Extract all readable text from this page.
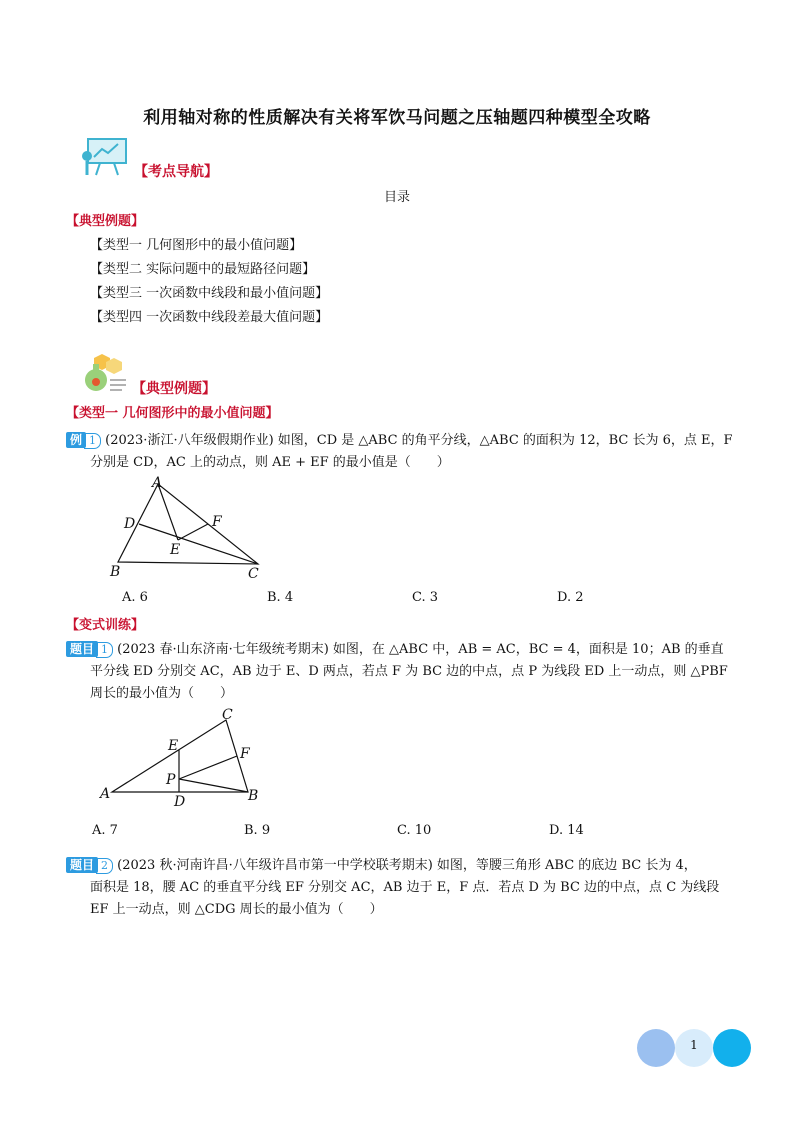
利用轴对称的性质解决有关将军饮马问题之压轴题四种模型全攻略
【考点导航】
目录
【典型例题】
【类型一 几何图形中的最小值问题】
【类型二 实际问题中的最短路径问题】
【类型三 一次函数中线段和最小值问题】
【类型四 一次函数中线段差最大值问题】
【典型例题】
【类型一 几何图形中的最小值问题】
例 1 (2023·浙江·八年级假期作业) 如图，CD 是 △ABC 的角平分线，△ABC 的面积为 12，BC 长为 6，点 E，F
分别是 CD，AC 上的动点，则 AE + EF 的最小值是（　　）
A
D	F
E
B	C
A. 6	B. 4	C. 3	D. 2
【变式训练】
题目 1 (2023 春·山东济南·七年级统考期末) 如图，在 △ABC 中，AB = AC，BC = 4，面积是 10；AB 的垂直
平分线 ED 分别交 AC，AB 边于 E、D 两点，若点 F 为 BC 边的中点，点 P 为线段 ED 上一动点，则 △PBF
周长的最小值为（　　）
C
E	F
P
A	D	B
A. 7	B. 9	C. 10	D. 14
题目 2 (2023 秋·河南许昌·八年级许昌市第一中学校联考期末) 如图，等腰三角形 ABC 的底边 BC 长为 4，
面积是 18，腰 AC 的垂直平分线 EF 分别交 AC，AB 边于 E，F 点．若点 D 为 BC 边的中点，点 C 为线段
EF 上一动点，则 △CDG 周长的最小值为（　　）
1
